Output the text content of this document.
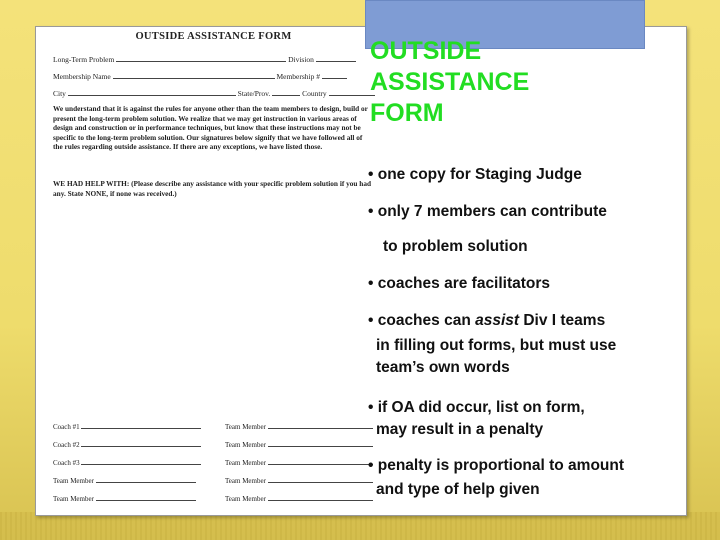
OUTSIDE ASSISTANCE FORM
Long-Term Problem	Division
Membership Name	Membership #
City	State/Prov.	Country
We understand that it is against the rules for anyone other than the team members to design, build or present the long-term problem solution. We realize that we may get instruction in various areas of design and construction or in performance techniques, but know that these instructions may not be specific to the long-term problem solution. Our signatures below signify that we have followed all of the rules regarding outside assistance. If there are any exceptions, we have listed those.
WE HAD HELP WITH: (Please describe any assistance with your specific problem solution if you had any. State NONE, if none was received.)
Coach #1	Team Member
Coach #2	Team Member
Coach #3	Team Member
Team Member	Team Member
Team Member	Team Member
OUTSIDE
ASSISTANCE
FORM
• one copy for Staging Judge
• only 7 members can contribute
to problem solution
• coaches are facilitators
• coaches can assist Div I teams
in filling out forms, but must use
team’s own words
• if OA did occur, list on form,
may result in a penalty
• penalty is proportional to amount
and type of help given
